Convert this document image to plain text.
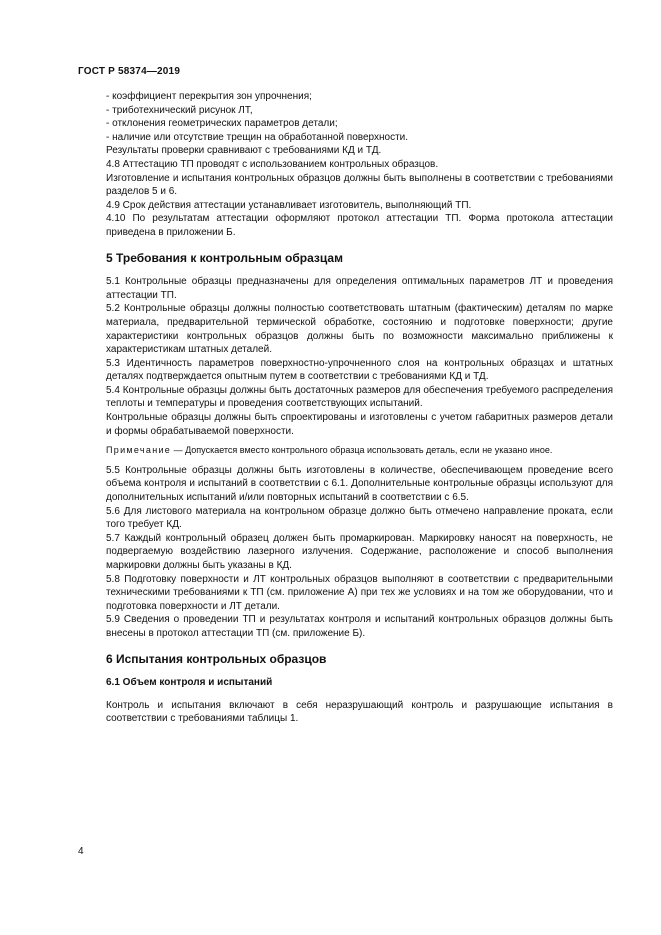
ГОСТ Р 58374—2019

- коэффициент перекрытия зон упрочнения;

- триботехнический рисунок ЛТ,

- отклонения геометрических параметров детали;

- наличие или отсутствие трещин на обработанной поверхности.

Результаты проверки сравнивают с требованиями КД и ТД.

4.8 Аттестацию ТП проводят с использованием контрольных образцов.

Изготовление и испытания контрольных образцов должны быть выполнены в соответствии с требованиями разделов 5 и 6.

4.9 Срок действия аттестации устанавливает изготовитель, выполняющий ТП.

4.10 По результатам аттестации оформляют протокол аттестации ТП. Форма протокола аттестации приведена в приложении Б.

5 Требования к контрольным образцам

5.1 Контрольные образцы предназначены для определения оптимальных параметров ЛТ и проведения аттестации ТП.

5.2 Контрольные образцы должны полностью соответствовать штатным (фактическим) деталям по марке материала, предварительной термической обработке, состоянию и подготовке поверхности; другие характеристики контрольных образцов должны быть по возможности максимально приближены к характеристикам штатных деталей.

5.3 Идентичность параметров поверхностно-упрочненного слоя на контрольных образцах и штатных деталях подтверждается опытным путем в соответствии с требованиями КД и ТД.

5.4 Контрольные образцы должны быть достаточных размеров для обеспечения требуемого распределения теплоты и температуры и проведения соответствующих испытаний.

Контрольные образцы должны быть спроектированы и изготовлены с учетом габаритных размеров детали и формы обрабатываемой поверхности.

Примечание — Допускается вместо контрольного образца использовать деталь, если не указано иное.

5.5 Контрольные образцы должны быть изготовлены в количестве, обеспечивающем проведение всего объема контроля и испытаний в соответствии с 6.1. Дополнительные контрольные образцы используют для дополнительных испытаний и/или повторных испытаний в соответствии с 6.5.

5.6 Для листового материала на контрольном образце должно быть отмечено направление проката, если того требует КД.

5.7 Каждый контрольный образец должен быть промаркирован. Маркировку наносят на поверхность, не подвергаемую воздействию лазерного излучения. Содержание, расположение и способ выполнения маркировки должны быть указаны в КД.

5.8 Подготовку поверхности и ЛТ контрольных образцов выполняют в соответствии с предварительными техническими требованиями к ТП (см. приложение А) при тех же условиях и на том же оборудовании, что и подготовка поверхности и ЛТ детали.

5.9 Сведения о проведении ТП и результатах контроля и испытаний контрольных образцов должны быть внесены в протокол аттестации ТП (см. приложение Б).

6 Испытания контрольных образцов
6.1 Объем контроля и испытаний

Контроль и испытания включают в себя неразрушающий контроль и разрушающие испытания в соответствии с требованиями таблицы 1.

4
